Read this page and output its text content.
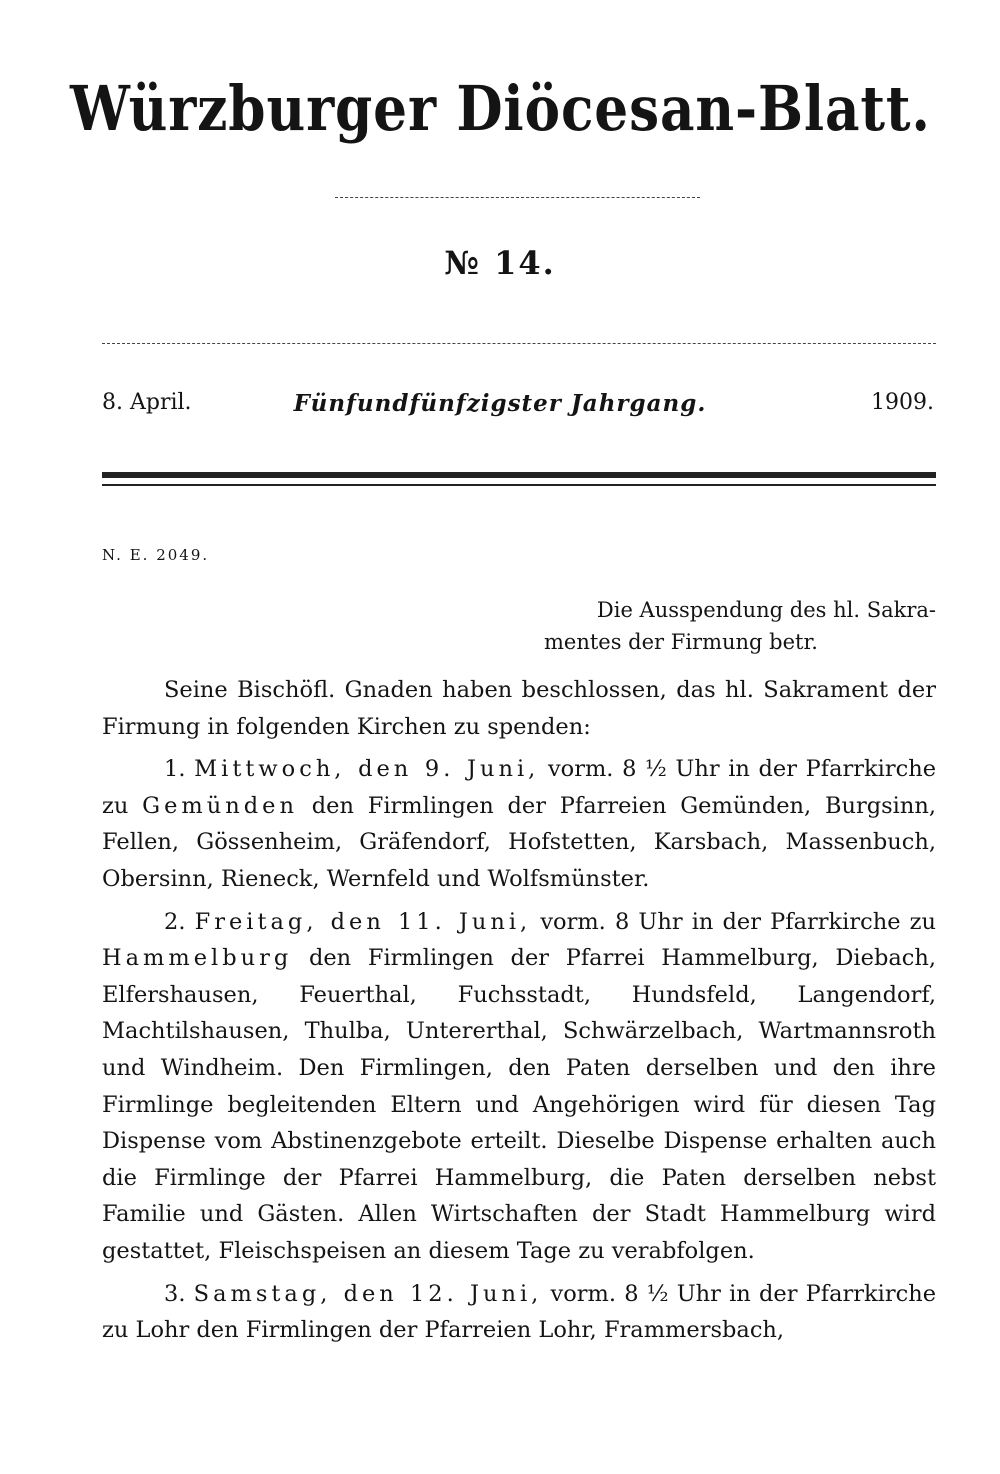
Würzburger Diöcesan-Blatt.
№ 14.
8. April.	Fünfundfünfzigster Jahrgang.	1909.
N. E. 2049.
Die Ausspendung des hl. Sakra-
mentes der Firmung betr.

Seine Bischöfl. Gnaden haben beschlossen, das hl. Sakrament der Firmung in folgenden Kirchen zu spenden:

1. Mittwoch, den 9. Juni, vorm. 8 ½ Uhr in der Pfarrkirche zu Gemünden den Firmlingen der Pfarreien Gemünden, Burgsinn, Fellen, Gössenheim, Gräfendorf, Hofstetten, Karsbach, Massenbuch, Obersinn, Rieneck, Wernfeld und Wolfsmünster.

2. Freitag, den 11. Juni, vorm. 8 Uhr in der Pfarrkirche zu Hammelburg den Firmlingen der Pfarrei Hammelburg, Diebach, Elfershausen, Feuerthal, Fuchsstadt, Hundsfeld, Langendorf, Machtilshausen, Thulba, Untererthal, Schwärzelbach, Wartmannsroth und Windheim. Den Firmlingen, den Paten derselben und den ihre Firmlinge begleitenden Eltern und Angehörigen wird für diesen Tag Dispense vom Abstinenzgebote erteilt. Dieselbe Dispense erhalten auch die Firmlinge der Pfarrei Hammelburg, die Paten derselben nebst Familie und Gästen. Allen Wirtschaften der Stadt Hammelburg wird gestattet, Fleischspeisen an diesem Tage zu verabfolgen.

3. Samstag, den 12. Juni, vorm. 8 ½ Uhr in der Pfarrkirche zu Lohr den Firmlingen der Pfarreien Lohr, Frammersbach,
